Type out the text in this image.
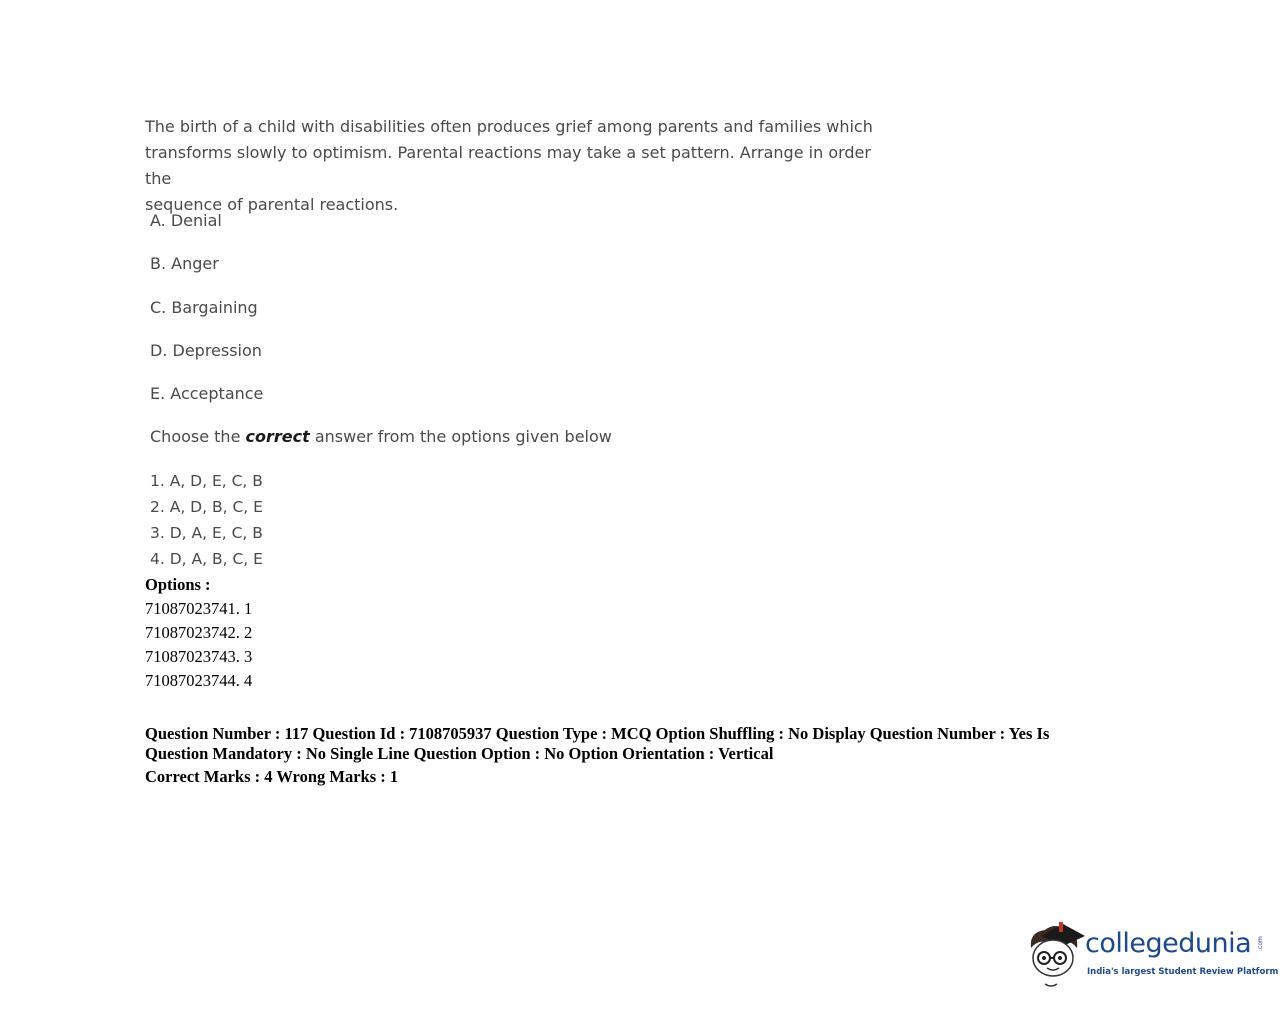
The birth of a child with disabilities often produces grief among parents and families which
transforms slowly to optimism. Parental reactions may take a set pattern. Arrange in order the
sequence of parental reactions.

A. Denial
B. Anger
C. Bargaining
D. Depression
E. Acceptance
Choose the correct answer from the options given below
1. A, D, E, C, B
2. A, D, B, C, E
3. D, A, E, C, B
4. D, A, B, C, E
Options :
71087023741. 1
71087023742. 2
71087023743. 3
71087023744. 4
Question Number : 117 Question Id : 7108705937 Question Type : MCQ Option Shuffling : No Display Question Number : Yes Is
Question Mandatory : No Single Line Question Option : No Option Orientation : Vertical
Correct Marks : 4 Wrong Marks : 1
collegedunia .com
India's largest Student Review Platform
